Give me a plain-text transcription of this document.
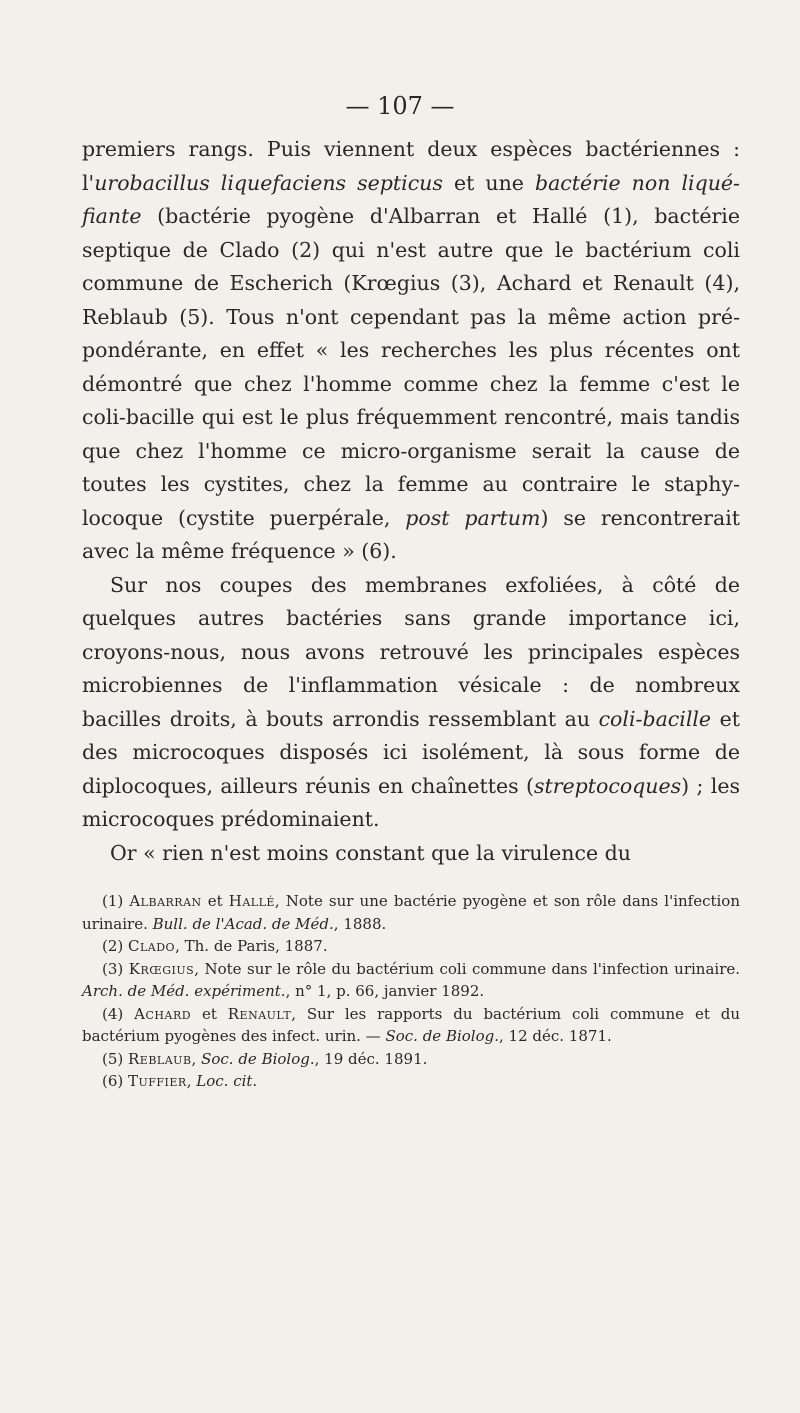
— 107 —

premiers rangs. Puis viennent deux espèces bactériennes : l'urobacillus liquefaciens septicus et une bactérie non liquéfiante (bactérie pyogène d'Albarran et Hallé (1), bactérie septique de Clado (2) qui n'est autre que le bactérium coli commune de Escherich (Krœgius (3), Achard et Renault (4), Reblaub (5). Tous n'ont cependant pas la même action prépondérante, en effet « les recherches les plus récentes ont démontré que chez l'homme comme chez la femme c'est le coli-bacille qui est le plus fréquemment rencontré, mais tandis que chez l'homme ce micro-organisme serait la cause de toutes les cystites, chez la femme au contraire le staphylocoque (cystite puerpérale, post partum) se rencontrerait avec la même fréquence » (6).

Sur nos coupes des membranes exfoliées, à côté de quelques autres bactéries sans grande importance ici, croyons-nous, nous avons retrouvé les principales espèces microbiennes de l'inflammation vésicale : de nombreux bacilles droits, à bouts arrondis ressemblant au coli-bacille et des microcoques disposés ici isolément, là sous forme de diplocoques, ailleurs réunis en chaînettes (streptocoques) ; les microcoques prédominaient.

Or « rien n'est moins constant que la virulence du

(1) Albarran et Hallé, Note sur une bactérie pyogène et son rôle dans l'infection urinaire. Bull. de l'Acad. de Méd., 1888.

(2) Clado, Th. de Paris, 1887.

(3) Krœgius, Note sur le rôle du bactérium coli commune dans l'infection urinaire. Arch. de Méd. expériment., n° 1, p. 66, janvier 1892.

(4) Achard et Renault, Sur les rapports du bactérium coli commune et du bactérium pyogènes des infect. urin. — Soc. de Biolog., 12 déc. 1871.

(5) Reblaub, Soc. de Biolog., 19 déc. 1891.

(6) Tuffier, Loc. cit.
